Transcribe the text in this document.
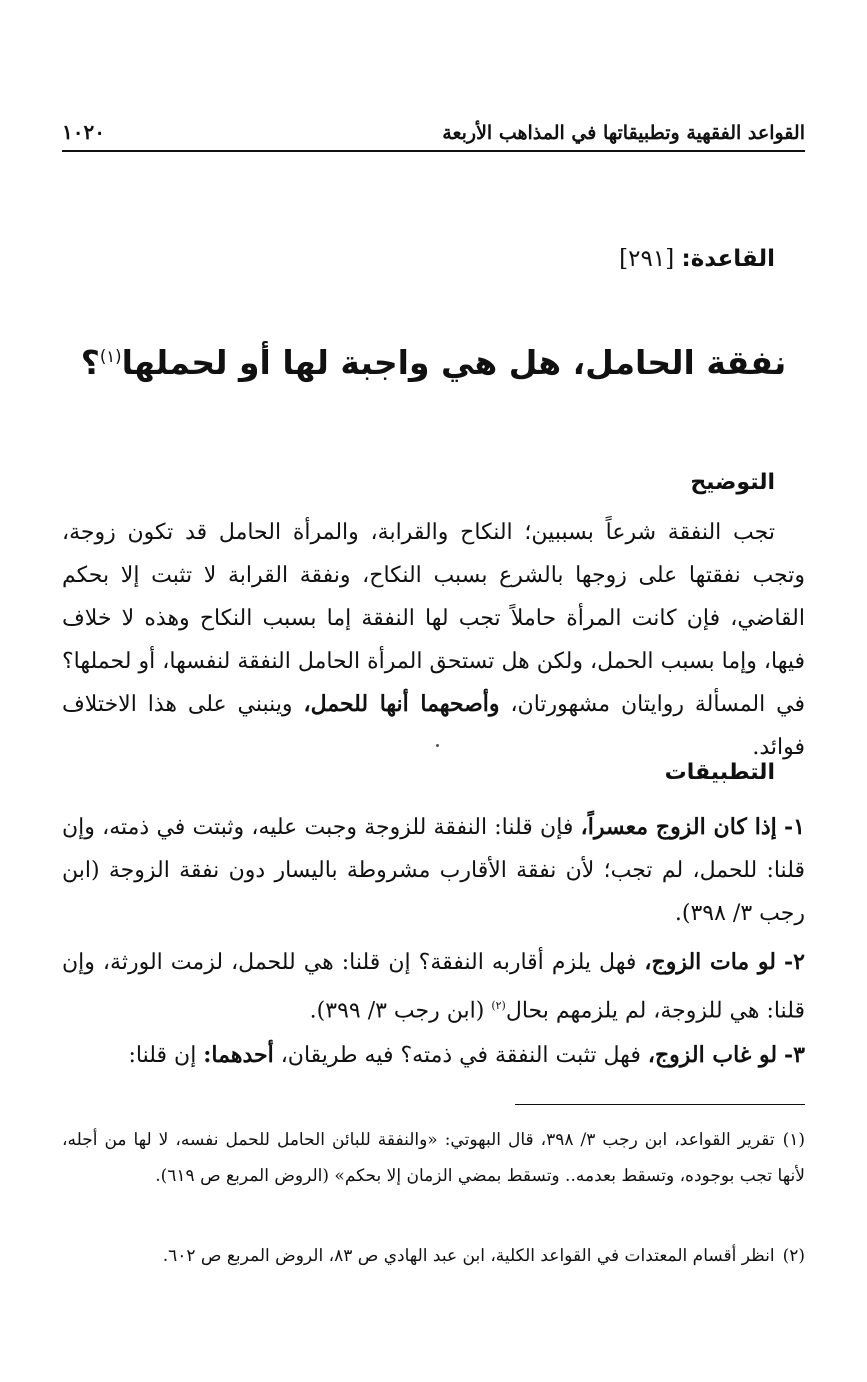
القواعد الفقهية وتطبيقاتها في المذاهب الأربعة
١٠٢٠
القاعدة: [٢٩١]
نفقة الحامل، هل هي واجبة لها أو لحملها$^{(١)}$؟
التوضيح
تجب النفقة شرعاً بسببين؛ النكاح والقرابة، والمرأة الحامل قد تكون زوجة، وتجب نفقتها على زوجها بالشرع بسبب النكاح، ونفقة القرابة لا تثبت إلا بحكم القاضي، فإن كانت المرأة حاملاً تجب لها النفقة إما بسبب النكاح وهذه لا خلاف فيها، وإما بسبب الحمل، ولكن هل تستحق المرأة الحامل النفقة لنفسها، أو لحملها؟ في المسألة روايتان مشهورتان، وأصحهما أنها للحمل، وينبني على هذا الاختلاف فوائد.
التطبيقات
١- إذا كان الزوج معسراً، فإن قلنا: النفقة للزوجة وجبت عليه، وثبتت في ذمته، وإن قلنا: للحمل، لم تجب؛ لأن نفقة الأقارب مشروطة باليسار دون نفقة الزوجة (ابن رجب ٣/ ٣٩٨).
٢- لو مات الزوج، فهل يلزم أقاربه النفقة؟ إن قلنا: هي للحمل، لزمت الورثة، وإن قلنا: هي للزوجة، لم يلزمهم بحال$^{(٢)}$ (ابن رجب ٣/ ٣٩٩).
٣- لو غاب الزوج، فهل تثبت النفقة في ذمته؟ فيه طريقان، أحدهما: إن قلنا:
(١)تقرير القواعد، ابن رجب ٣/ ٣٩٨، قال البهوتي: «والنفقة للبائن الحامل للحمل نفسه، لا لها من أجله، لأنها تجب بوجوده، وتسقط بعدمه.. وتسقط بمضي الزمان إلا بحكم» (الروض المربع ص ٦١٩).
(٢)انظر أقسام المعتدات في القواعد الكلية، ابن عبد الهادي ص ٨٣، الروض المربع ص ٦٠٢.
